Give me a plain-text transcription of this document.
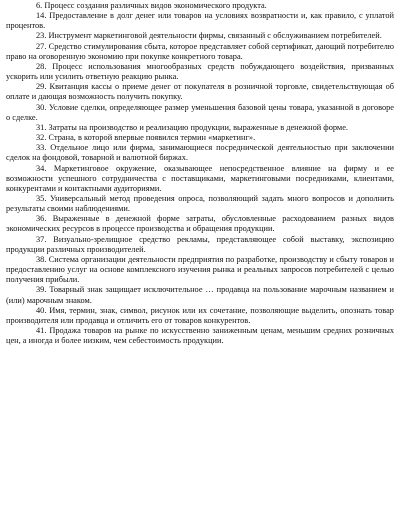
6. Процесс создания различных видов экономического продукта.

14. Предоставление в долг денег или товаров на условиях возвратности и, как правило, с уплатой процентов.

23. Инструмент маркетинговой деятельности фирмы, связанный с обслуживанием потребителей.

27. Средство стимулирования сбыта, которое представляет собой сертификат, дающий потребителю право на оговоренную экономию при покупке конкретного товара.

28. Процесс использования многообразных средств побуждающего воздействия, призванных ускорить или усилить ответную реакцию рынка.

29. Квитанция кассы о приеме денег от покупателя в розничной торговле, свидетельствующая об оплате и дающая возможность получить покупку.

30. Условие сделки, определяющее размер уменьшения базовой цены товара, указанной в договоре о сделке.

31. Затраты на производство и реализацию продукции, выраженные в денежной форме.

32. Страна, в которой впервые появился термин «маркетинг».

33. Отдельное лицо или фирма, занимающиеся посреднической деятельностью при заключении сделок на фондовой, товарной и валютной биржах.

34. Маркетинговое окружение, оказывающее непосредственное влияние на фирму и ее возможности успешного сотрудничества с поставщиками, маркетинговыми посредниками, клиентами, конкурентами и контактными аудиториями.

35. Универсальный метод проведения опроса, позволяющий задать много вопросов и дополнить результаты своими наблюдениями.

36. Выраженные в денежной форме затраты, обусловленные расходованием разных видов экономических ресурсов в процессе производства и обращения продукции.

37. Визуально-зрелищное средство рекламы, представляющее собой выставку, экспозицию продукции различных производителей.

38. Система организации деятельности предприятия по разработке, производству и сбыту товаров и предоставлению услуг на основе комплексного изучения рынка и реальных запросов потребителей с целью получения прибыли.

39. Товарный знак защищает исключительное … продавца на пользование марочным названием и (или) марочным знаком.

40. Имя, термин, знак, символ, рисунок или их сочетание, позволяющие выделить, опознать товар производителя или продавца и отличить его от товаров конкурентов.

41. Продажа товаров на рынке по искусственно заниженным ценам, меньшим средних розничных цен, а иногда и более низким, чем себестоимость продукции.
